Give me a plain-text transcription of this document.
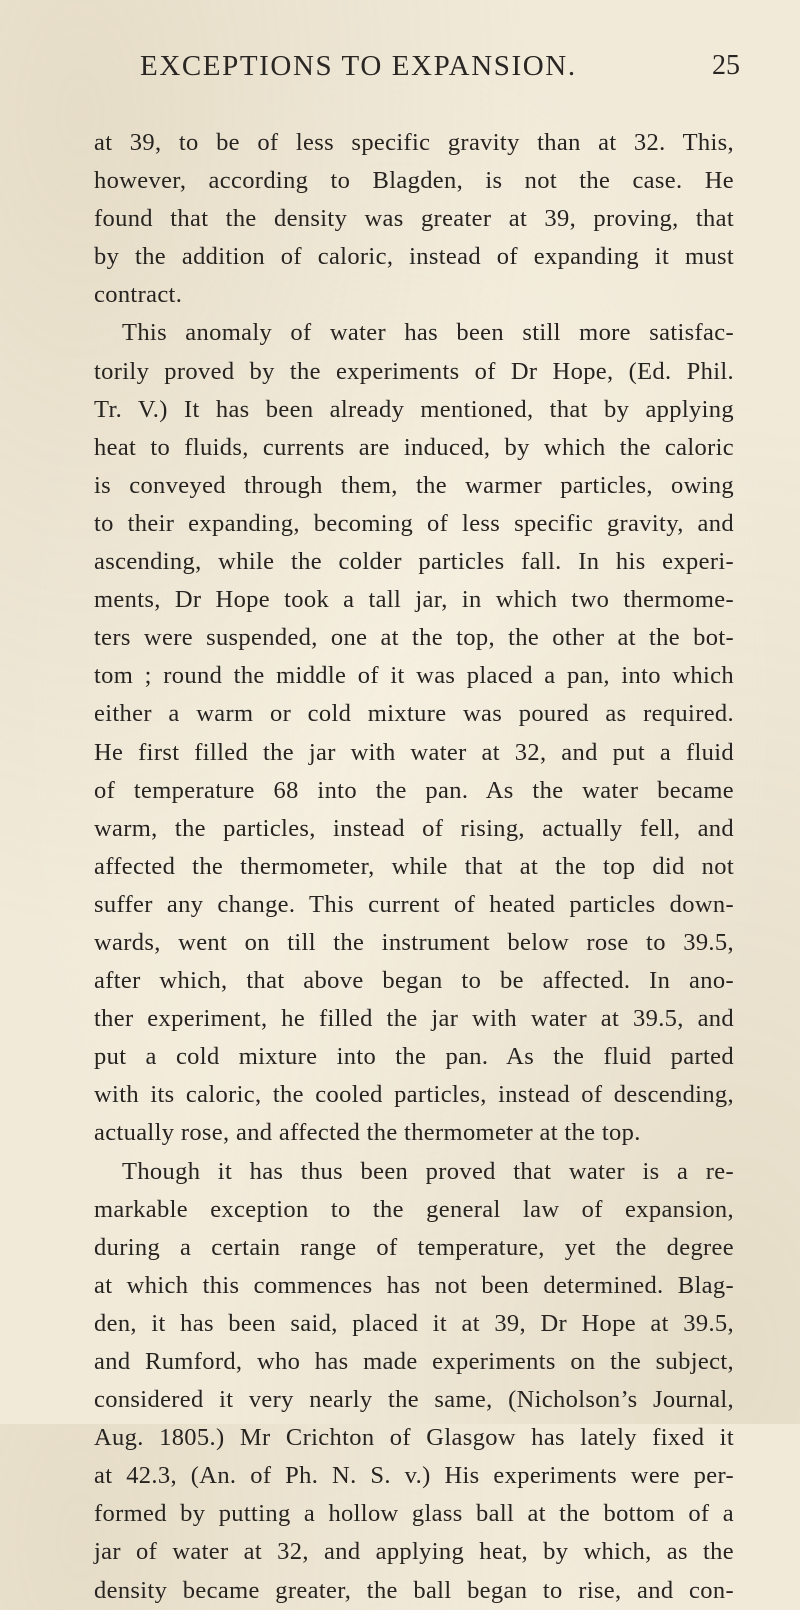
EXCEPTIONS TO EXPANSION.	25
at 39, to be of less specific gravity than at 32. This,
however, according to Blagden, is not the case. He
found that the density was greater at 39, proving, that
by the addition of caloric, instead of expanding it must
contract.
This anomaly of water has been still more satisfac-
torily proved by the experiments of Dr Hope, (Ed. Phil.
Tr. V.) It has been already mentioned, that by applying
heat to fluids, currents are induced, by which the caloric
is conveyed through them, the warmer particles, owing
to their expanding, becoming of less specific gravity, and
ascending, while the colder particles fall. In his experi-
ments, Dr Hope took a tall jar, in which two thermome-
ters were suspended, one at the top, the other at the bot-
tom ; round the middle of it was placed a pan, into which
either a warm or cold mixture was poured as required.
He first filled the jar with water at 32, and put a fluid
of temperature 68 into the pan. As the water became
warm, the particles, instead of rising, actually fell, and
affected the thermometer, while that at the top did not
suffer any change. This current of heated particles down-
wards, went on till the instrument below rose to 39.5,
after which, that above began to be affected. In ano-
ther experiment, he filled the jar with water at 39.5, and
put a cold mixture into the pan. As the fluid parted
with its caloric, the cooled particles, instead of descending,
actually rose, and affected the thermometer at the top.
Though it has thus been proved that water is a re-
markable exception to the general law of expansion,
during a certain range of temperature, yet the degree
at which this commences has not been determined. Blag-
den, it has been said, placed it at 39, Dr Hope at 39.5,
and Rumford, who has made experiments on the subject,
considered it very nearly the same, (Nicholson’s Journal,
Aug. 1805.) Mr Crichton of Glasgow has lately fixed it
at 42.3, (An. of Ph. N. S. v.) His experiments were per-
formed by putting a hollow glass ball at the bottom of a
jar of water at 32, and applying heat, by which, as the
density became greater, the ball began to rise, and con-
